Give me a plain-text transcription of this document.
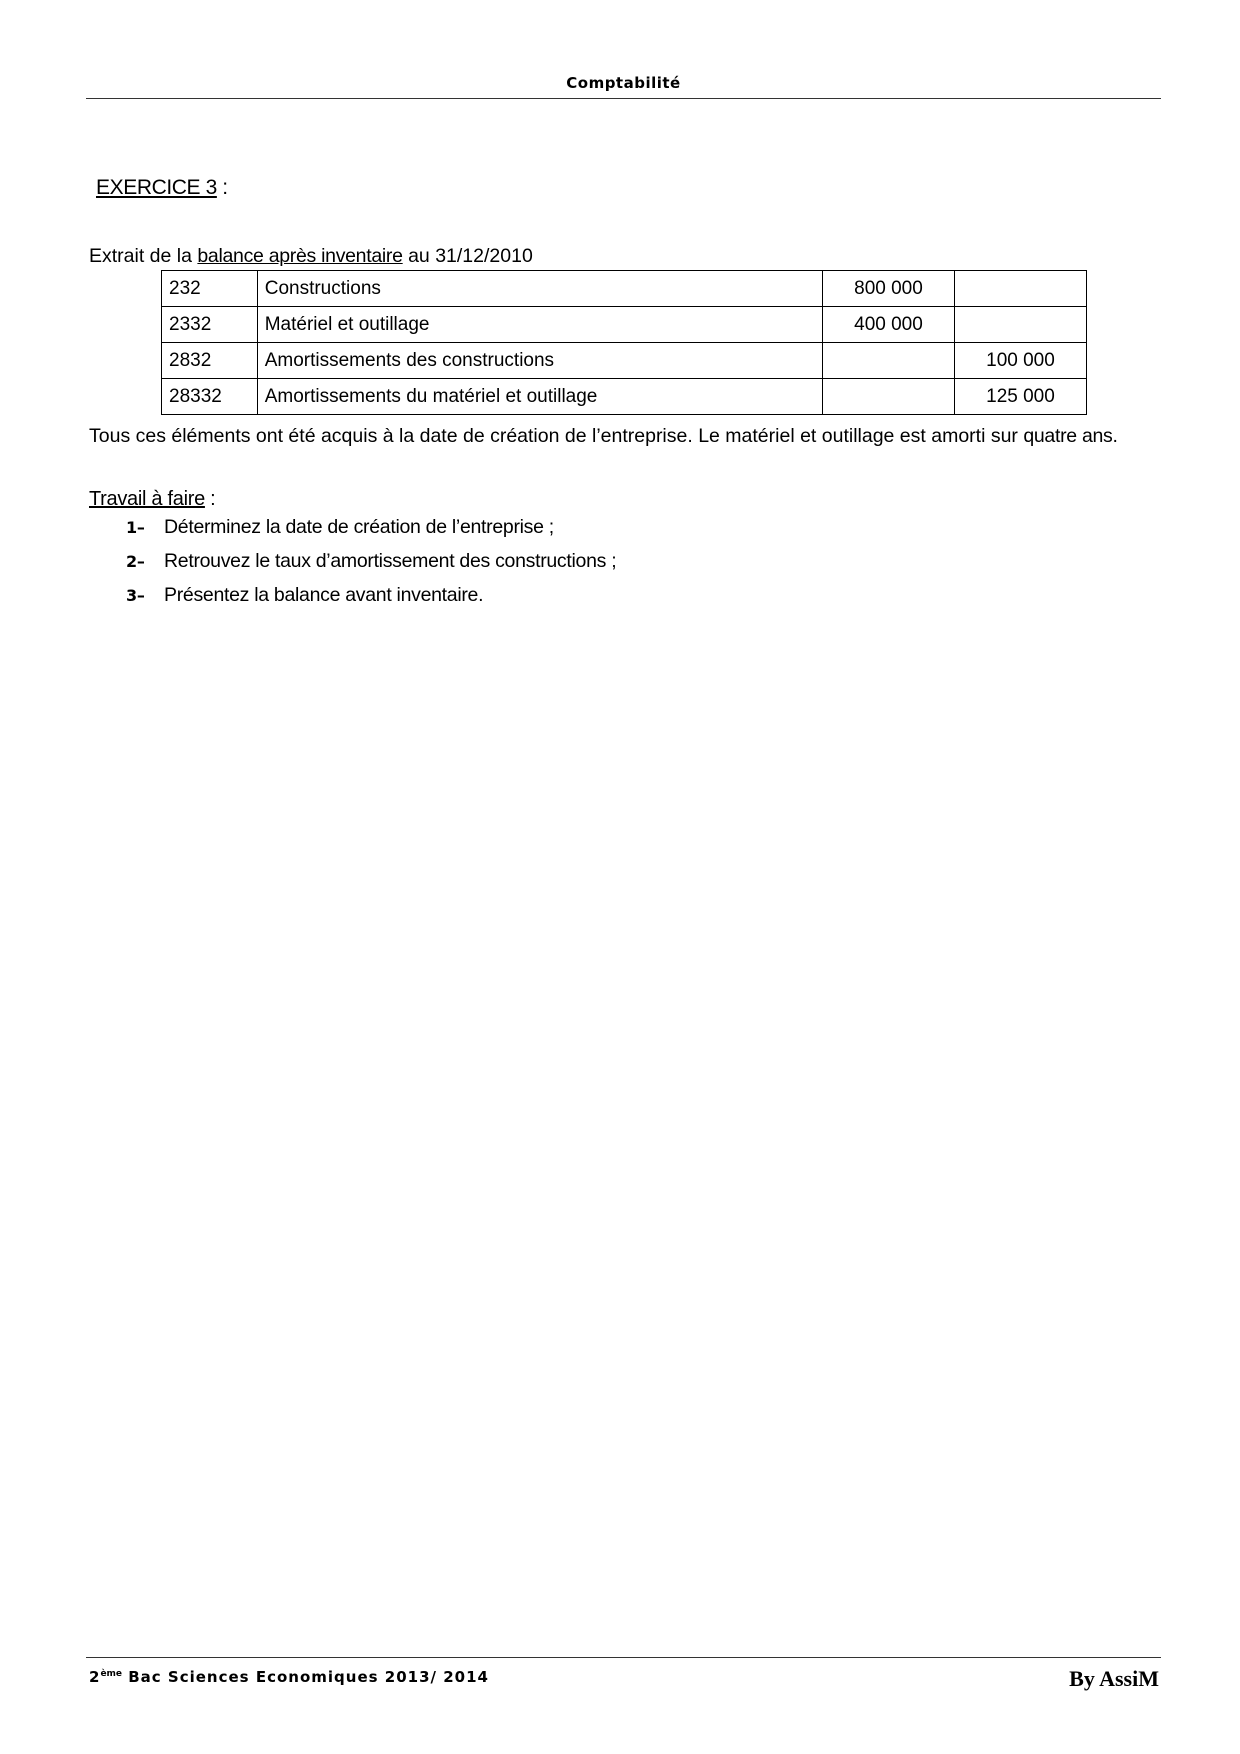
Comptabilité
EXERCICE 3 :
Extrait de la balance après inventaire au 31/12/2010
232	Constructions	800 000	
2332	Matériel et outillage	400 000	
2832	Amortissements des constructions		100 000
28332	Amortissements du matériel et outillage		125 000
Tous ces éléments ont été acquis à la date de création de l’entreprise. Le matériel et outillage est amorti sur quatre ans.
Travail à faire :
1– Déterminez la date de création de l’entreprise ;
2– Retrouvez le taux d’amortissement des constructions ;
3– Présentez la balance avant inventaire.
2ème Bac Sciences Economiques 2013/ 2014	By AssiM
